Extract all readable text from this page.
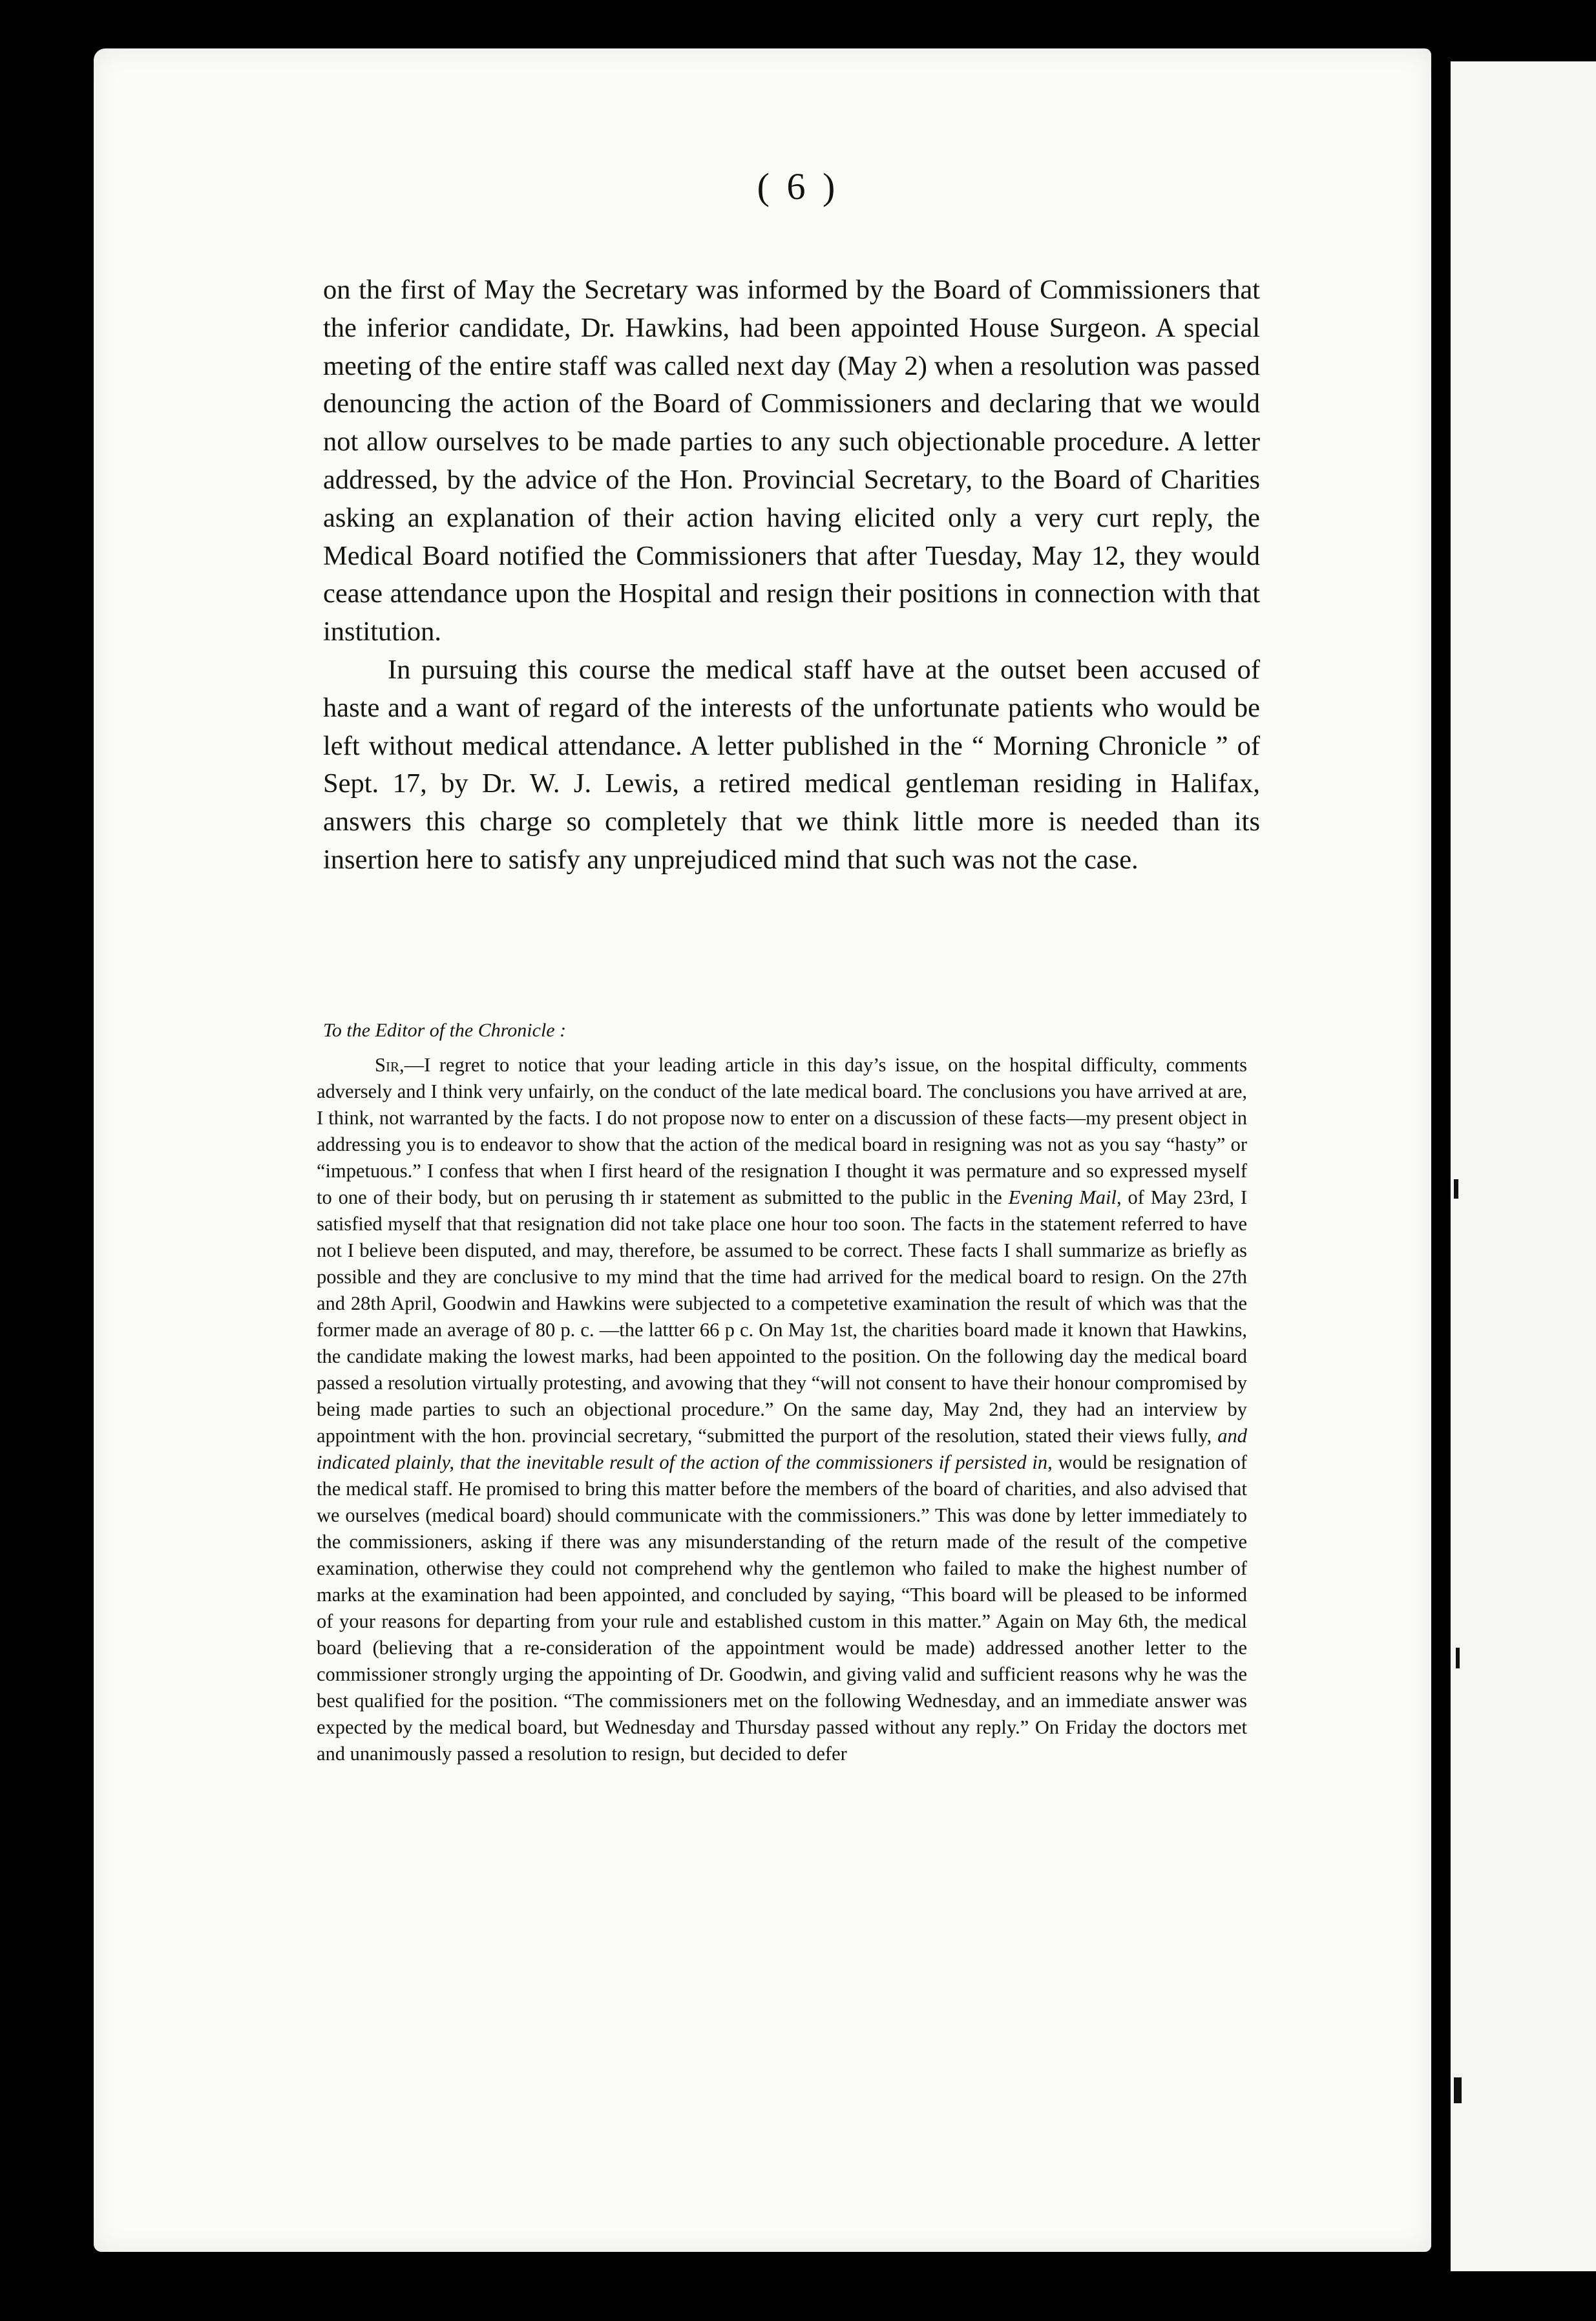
( 6 )

on the first of May the Secretary was informed by the Board of Commissioners that the inferior candidate, Dr. Hawkins, had been appointed House Surgeon. A special meeting of the entire staff was called next day (May 2) when a resolution was passed denouncing the action of the Board of Commissioners and declaring that we would not allow ourselves to be made parties to any such objectionable procedure. A letter addressed, by the advice of the Hon. Provincial Secretary, to the Board of Charities asking an explanation of their action having elicited only a very curt reply, the Medical Board notified the Commissioners that after Tuesday, May 12, they would cease attendance upon the Hospital and resign their positions in connection with that institution.

In pursuing this course the medical staff have at the outset been accused of haste and a want of regard of the interests of the unfortunate patients who would be left without medical attendance. A letter published in the “ Morning Chronicle ” of Sept. 17, by Dr. W. J. Lewis, a retired medical gentleman residing in Halifax, answers this charge so completely that we think little more is needed than its insertion here to satisfy any unprejudiced mind that such was not the case.

To the Editor of the Chronicle :

Sir,—I regret to notice that your leading article in this day’s issue, on the hospital difficulty, comments adversely and I think very unfairly, on the conduct of the late medical board. The conclusions you have arrived at are, I think, not warranted by the facts. I do not propose now to enter on a discussion of these facts—my present object in addressing you is to endeavor to show that the action of the medical board in resigning was not as you say “hasty” or “impetuous.” I confess that when I first heard of the resignation I thought it was permature and so expressed myself to one of their body, but on perusing th ir statement as submitted to the public in the Evening Mail, of May 23rd, I satisfied myself that that resignation did not take place one hour too soon. The facts in the statement referred to have not I believe been disputed, and may, therefore, be assumed to be correct. These facts I shall summarize as briefly as possible and they are conclusive to my mind that the time had arrived for the medical board to resign. On the 27th and 28th April, Goodwin and Hawkins were subjected to a competetive examination the result of which was that the former made an average of 80 p. c. —the lattter 66 p c. On May 1st, the charities board made it known that Hawkins, the candidate making the lowest marks, had been appointed to the position. On the following day the medical board passed a resolution virtually protesting, and avowing that they “will not consent to have their honour compromised by being made parties to such an objectional procedure.” On the same day, May 2nd, they had an interview by appointment with the hon. provincial secretary, “submitted the purport of the resolution, stated their views fully, and indicated plainly, that the inevitable result of the action of the commissioners if persisted in, would be resignation of the medical staff. He promised to bring this matter before the members of the board of charities, and also advised that we ourselves (medical board) should communicate with the commissioners.” This was done by letter immediately to the commissioners, asking if there was any misunderstanding of the return made of the result of the competive examination, otherwise they could not comprehend why the gentlemon who failed to make the highest number of marks at the examination had been appointed, and concluded by saying, “This board will be pleased to be informed of your reasons for departing from your rule and established custom in this matter.” Again on May 6th, the medical board (believing that a re-consideration of the appointment would be made) addressed another letter to the commissioner strongly urging the appointing of Dr. Goodwin, and giving valid and sufficient reasons why he was the best qualified for the position. “The commissioners met on the following Wednesday, and an immediate answer was expected by the medical board, but Wednesday and Thursday passed without any reply.” On Friday the doctors met and unanimously passed a resolution to resign, but decided to defer
